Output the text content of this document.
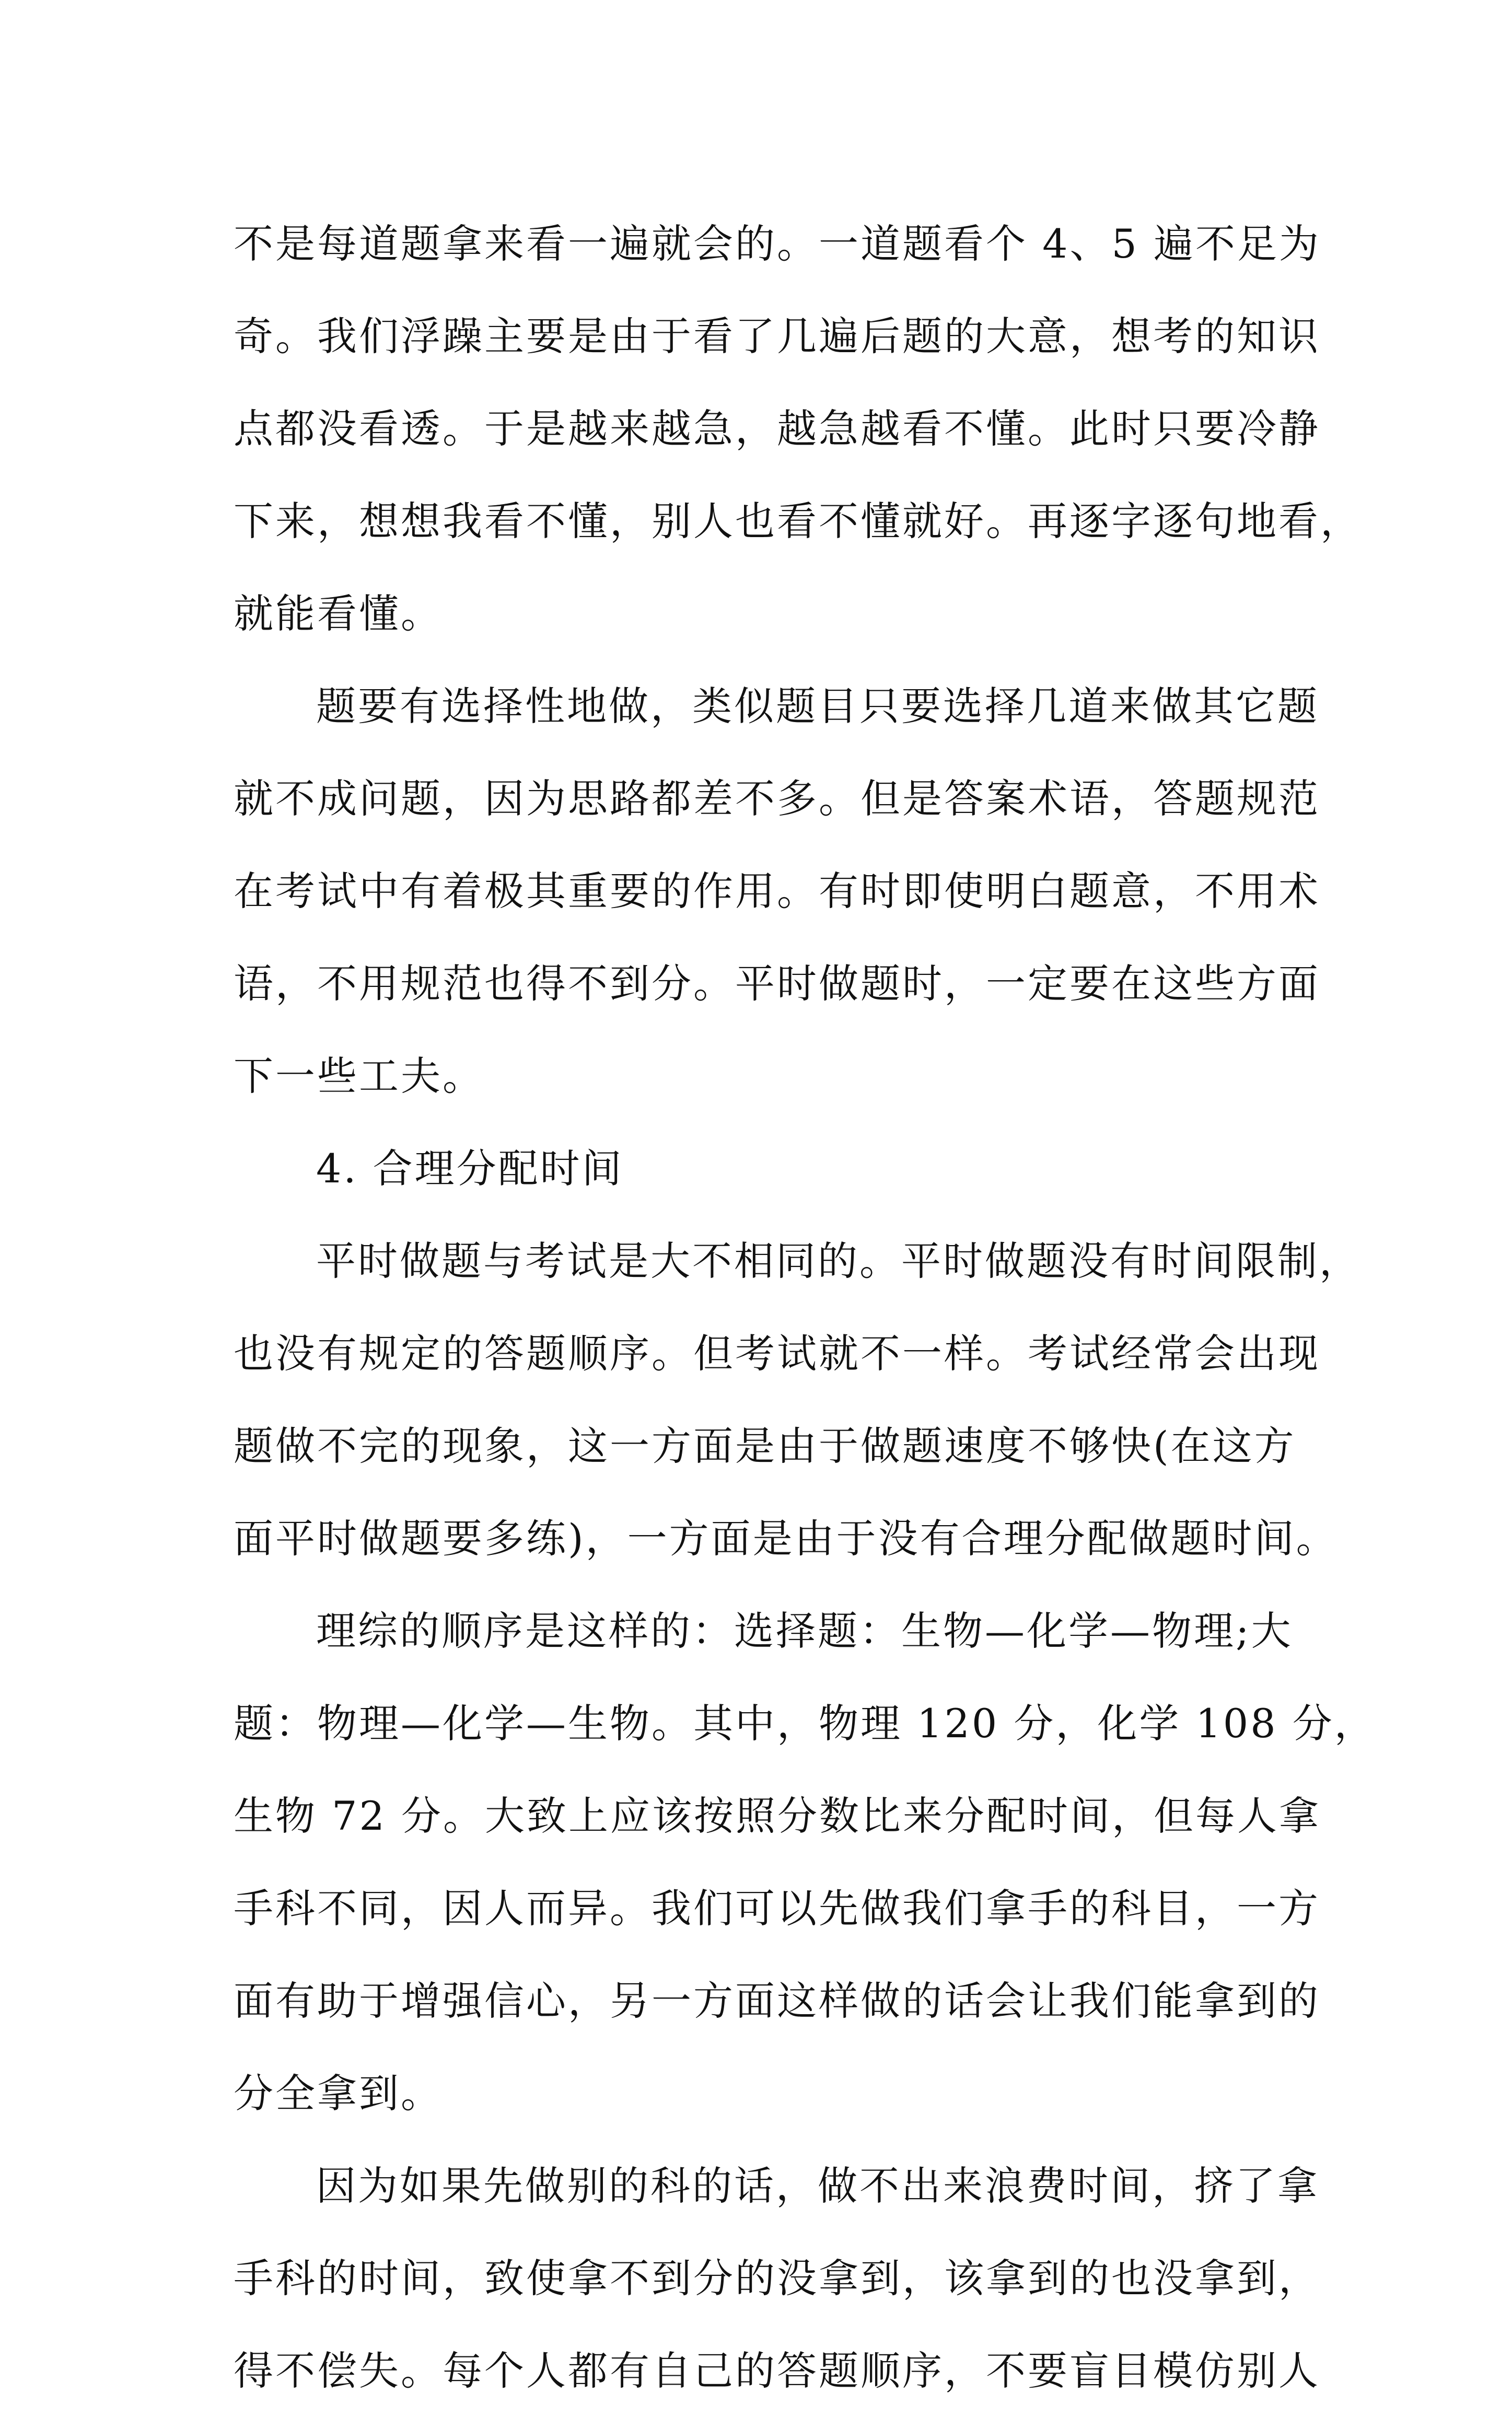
不是每道题拿来看一遍就会的。一道题看个 4、5 遍不足为
奇。我们浮躁主要是由于看了几遍后题的大意，想考的知识
点都没看透。于是越来越急，越急越看不懂。此时只要冷静
下来，想想我看不懂，别人也看不懂就好。再逐字逐句地看，
就能看懂。
题要有选择性地做，类似题目只要选择几道来做其它题
就不成问题，因为思路都差不多。但是答案术语，答题规范
在考试中有着极其重要的作用。有时即使明白题意，不用术
语，不用规范也得不到分。平时做题时，一定要在这些方面
下一些工夫。
4. 合理分配时间
平时做题与考试是大不相同的。平时做题没有时间限制，
也没有规定的答题顺序。但考试就不一样。考试经常会出现
题做不完的现象，这一方面是由于做题速度不够快(在这方
面平时做题要多练)，一方面是由于没有合理分配做题时间。
理综的顺序是这样的：选择题：生物—化学—物理;大
题：物理—化学—生物。其中，物理 120 分，化学 108 分，
生物 72 分。大致上应该按照分数比来分配时间，但每人拿
手科不同，因人而异。我们可以先做我们拿手的科目，一方
面有助于增强信心，另一方面这样做的话会让我们能拿到的
分全拿到。
因为如果先做别的科的话，做不出来浪费时间，挤了拿
手科的时间，致使拿不到分的没拿到，该拿到的也没拿到，
得不偿失。每个人都有自己的答题顺序，不要盲目模仿别人
